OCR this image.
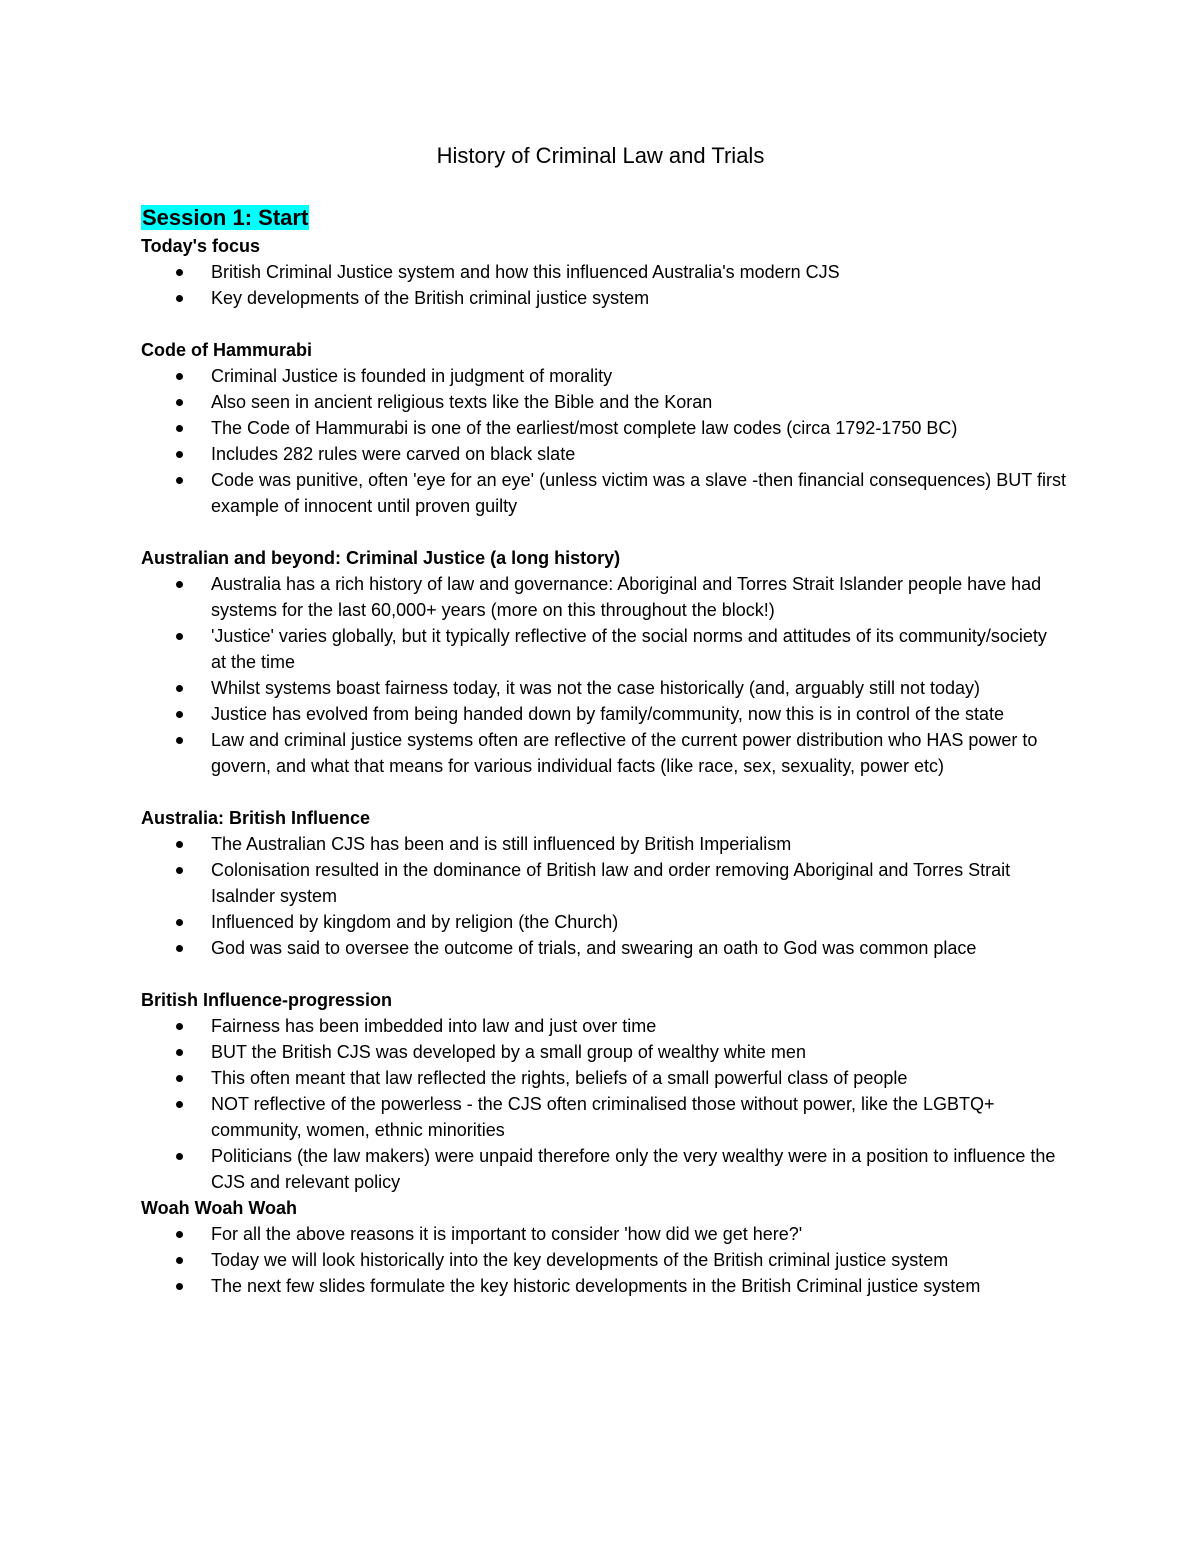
History of Criminal Law and Trials
Session 1: Start
Today's focus
British Criminal Justice system and how this influenced Australia's modern CJS
Key developments of the British criminal justice system
Code of Hammurabi
Criminal Justice is founded in judgment of morality
Also seen in ancient religious texts like the Bible and the Koran
The Code of Hammurabi is one of the earliest/most complete law codes (circa 1792-1750 BC)
Includes 282 rules were carved on black slate
Code was punitive, often 'eye for an eye' (unless victim was a slave -then financial consequences) BUT first example of innocent until proven guilty
Australian and beyond: Criminal Justice (a long history)
Australia has a rich history of law and governance: Aboriginal and Torres Strait Islander people have had systems for the last 60,000+ years (more on this throughout the block!)
'Justice' varies globally, but it typically reflective of the social norms and attitudes of its community/society at the time
Whilst systems boast fairness today, it was not the case historically (and, arguably still not today)
Justice has evolved from being handed down by family/community, now this is in control of the state
Law and criminal justice systems often are reflective of the current power distribution who HAS power to govern, and what that means for various individual facts (like race, sex, sexuality, power etc)
Australia: British Influence
The Australian CJS has been and is still influenced by British Imperialism
Colonisation resulted in the dominance of British law and order removing Aboriginal and Torres Strait Isalnder system
Influenced by kingdom and by religion (the Church)
God was said to oversee the outcome of trials, and swearing an oath to God was common place
British Influence-progression
Fairness has been imbedded into law and just over time
BUT the British CJS was developed by a small group of wealthy white men
This often meant that law reflected the rights, beliefs of a small powerful class of people
NOT reflective of the powerless - the CJS often criminalised those without power, like the LGBTQ+ community, women, ethnic minorities
Politicians (the law makers) were unpaid therefore only the very wealthy were in a position to influence the CJS and relevant policy
Woah Woah Woah
For all the above reasons it is important to consider 'how did we get here?'
Today we will look historically into the key developments of the British criminal justice system
The next few slides formulate the key historic developments in the British Criminal justice system
